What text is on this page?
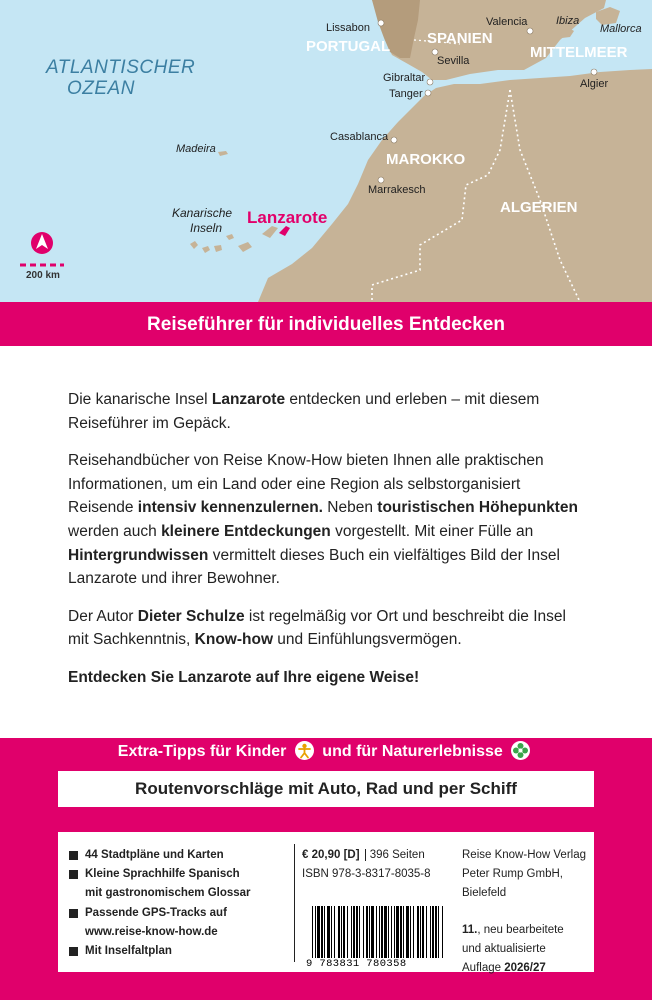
ATLANTISCHER
OZEAN
Lissabon
PORTUGAL SPANIEN
Valencia	Ibiza
Mallorca
Sevilla	MITTELMEER
Gibraltar
Tanger
Algier
Casablanca
Madeira
MAROKKO
Marrakesch
ALGERIEN
Kanarische
Inseln
Lanzarote
200 km
Reiseführer für individuelles Entdecken

Die kanarische Insel Lanzarote entdecken und erleben – mit diesem Reiseführer im Gepäck.

Reisehandbücher von Reise Know-How bieten Ihnen alle praktischen Informationen, um ein Land oder eine Region als selbstorganisiert Reisende intensiv kennenzulernen. Neben touristischen Höhepunkten werden auch kleinere Entdeckungen vorgestellt. Mit einer Fülle an Hintergrundwissen vermittelt dieses Buch ein vielfältiges Bild der Insel Lanzarote und ihrer Bewohner.

Der Autor Dieter Schulze ist regelmäßig vor Ort und beschreibt die Insel mit Sachkenntnis, Know-how und Einfühlungsvermögen.

Entdecken Sie Lanzarote auf Ihre eigene Weise!

Extra-Tipps für Kinder und für Naturerlebnisse
Routenvorschläge mit Auto, Rad und per Schiff
44 Stadtpläne und Karten
Kleine Sprachhilfe Spanisch
mit gastronomischem Glossar
Passende GPS-Tracks auf
www.reise-know-how.de
Mit Inselfaltplan
€ 20,90 [D] 396 Seiten
ISBN 978-3-8317-8035-8
Reise Know-How Verlag
Peter Rump GmbH, Bielefeld
11., neu bearbeitete
und aktualisierte
Auflage 2026/27
9 783831 780358
